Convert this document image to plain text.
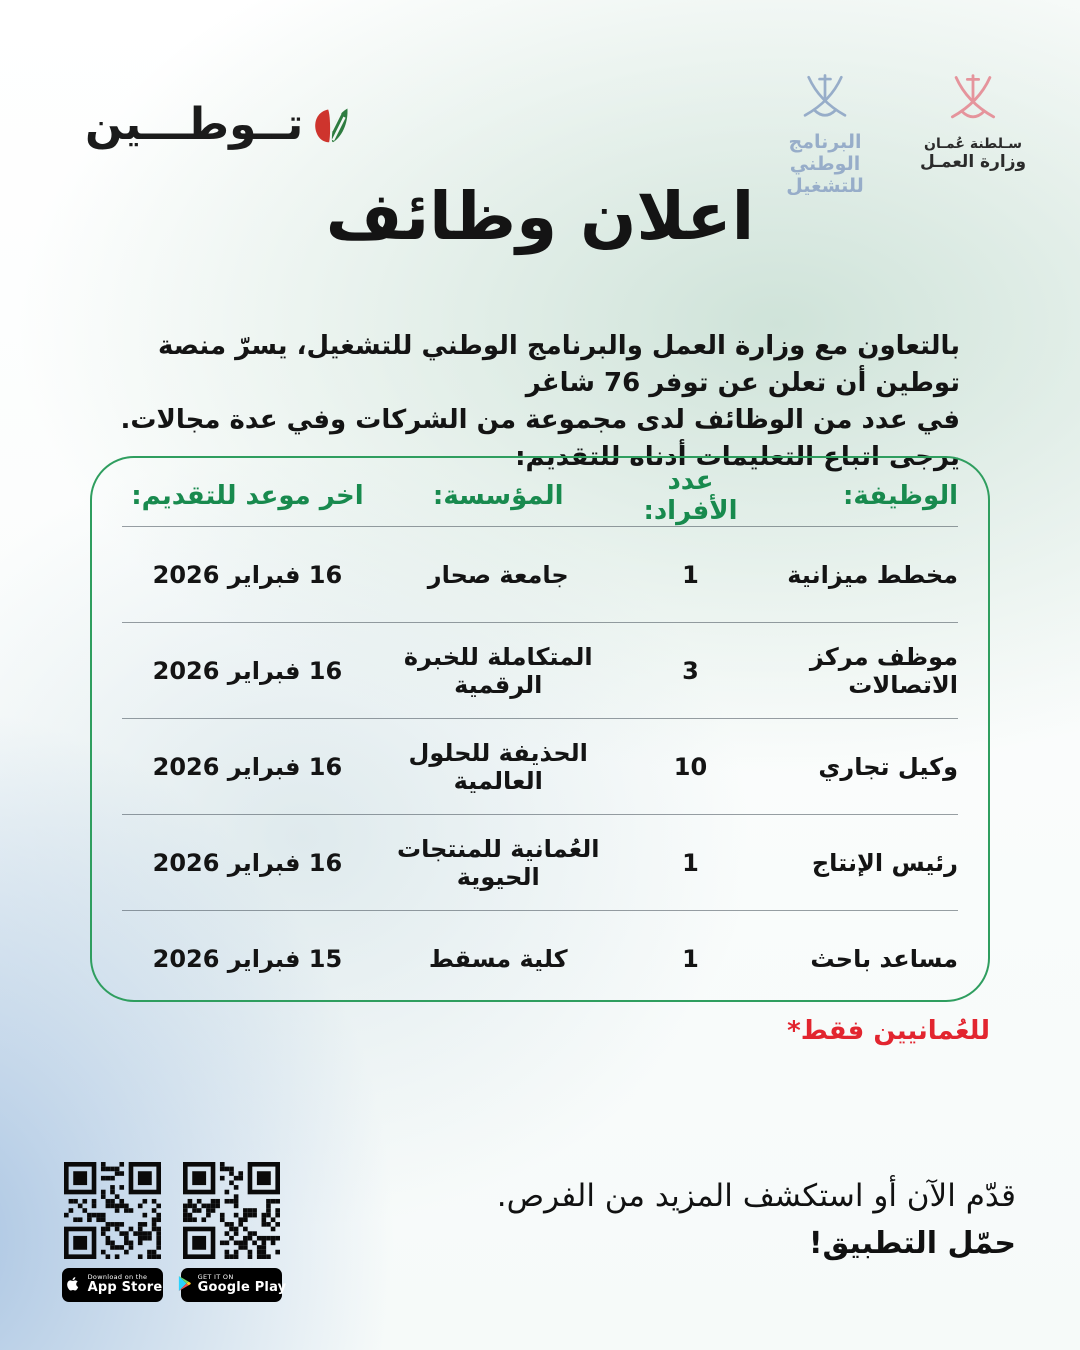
تــوطـــين	البرنامج الوطني
للتشغيل
سـلطنة عُمـان
وزارة العمـل
اعلان وظائف
بالتعاون مع وزارة العمل والبرنامج الوطني للتشغيل، يسرّ منصة توطين أن تعلن عن توفر 76 شاغر
في عدد من الوظائف لدى مجموعة من الشركات وفي عدة مجالات.
يرجى اتباع التعليمات أدناه للتقديم:
الوظيفة:
عدد الأفراد:
المؤسسة:
اخر موعد للتقديم:
مخطط ميزانية
1
جامعة صحار
16 فبراير 2026
موظف مركز الاتصالات
3
المتكاملة للخبرة الرقمية
16 فبراير 2026
وكيل تجاري
10
الحذيفة للحلول العالمية
16 فبراير 2026
رئيس الإنتاج
1
العُمانية للمنتجات الحيوية
16 فبراير 2026
مساعد باحث
1
كلية مسقط
15 فبراير 2026
للعُمانيين فقط*
Download on the
App Store
GET IT ON
Google Play
قدّم الآن أو استكشف المزيد من الفرص.
حمّل التطبيق!
